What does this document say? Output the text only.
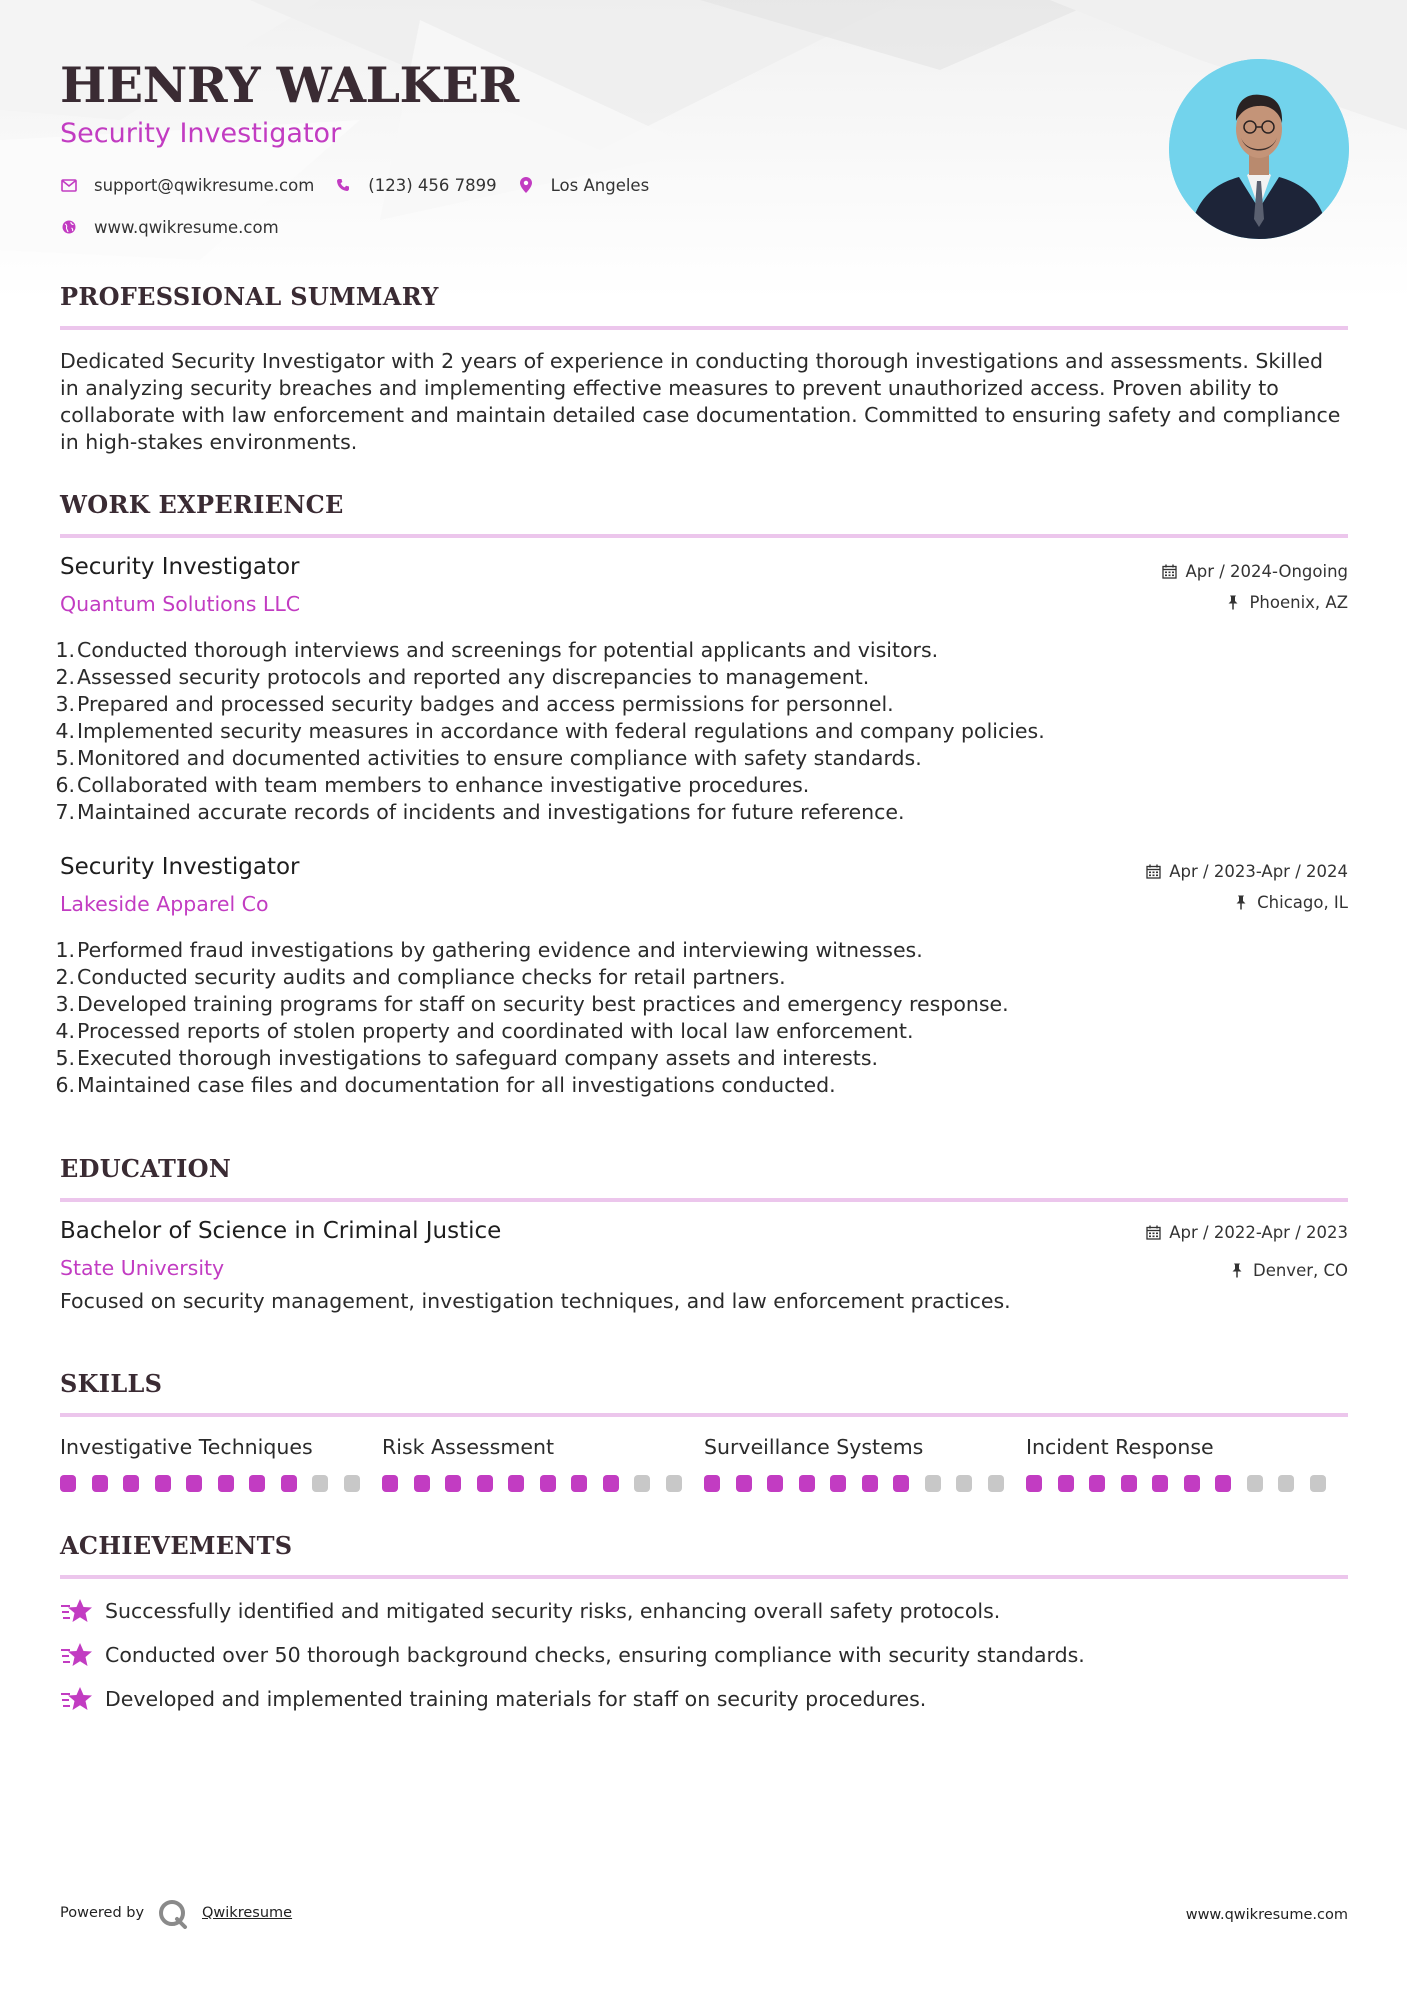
HENRY WALKER
Security Investigator
support@qwikresume.com	(123) 456 7899	Los Angeles
www.qwikresume.com
PROFESSIONAL SUMMARY

Dedicated Security Investigator with 2 years of experience in conducting thorough investigations and assessments. Skilled in analyzing security breaches and implementing effective measures to prevent unauthorized access. Proven ability to collaborate with law enforcement and maintain detailed case documentation. Committed to ensuring safety and compliance in high-stakes environments.

WORK EXPERIENCE
Security Investigator
Quantum Solutions LLC
Apr / 2024-Ongoing
Phoenix, AZ
1. Conducted thorough interviews and screenings for potential applicants and visitors.
2. Assessed security protocols and reported any discrepancies to management.
3. Prepared and processed security badges and access permissions for personnel.
4. Implemented security measures in accordance with federal regulations and company policies.
5. Monitored and documented activities to ensure compliance with safety standards.
6. Collaborated with team members to enhance investigative procedures.
7. Maintained accurate records of incidents and investigations for future reference.
Security Investigator
Lakeside Apparel Co
Apr / 2023-Apr / 2024
Chicago, IL
1. Performed fraud investigations by gathering evidence and interviewing witnesses.
2. Conducted security audits and compliance checks for retail partners.
3. Developed training programs for staff on security best practices and emergency response.
4. Processed reports of stolen property and coordinated with local law enforcement.
5. Executed thorough investigations to safeguard company assets and interests.
6. Maintained case files and documentation for all investigations conducted.
EDUCATION
Bachelor of Science in Criminal Justice
State University
Apr / 2022-Apr / 2023
Denver, CO

Focused on security management, investigation techniques, and law enforcement practices.

SKILLS
Investigative Techniques	Risk Assessment	Surveillance Systems	Incident Response
ACHIEVEMENTS
Successfully identified and mitigated security risks, enhancing overall safety protocols.
Conducted over 50 thorough background checks, ensuring compliance with security standards.
Developed and implemented training materials for staff on security procedures.
Powered by	Qwikresume	www.qwikresume.com
